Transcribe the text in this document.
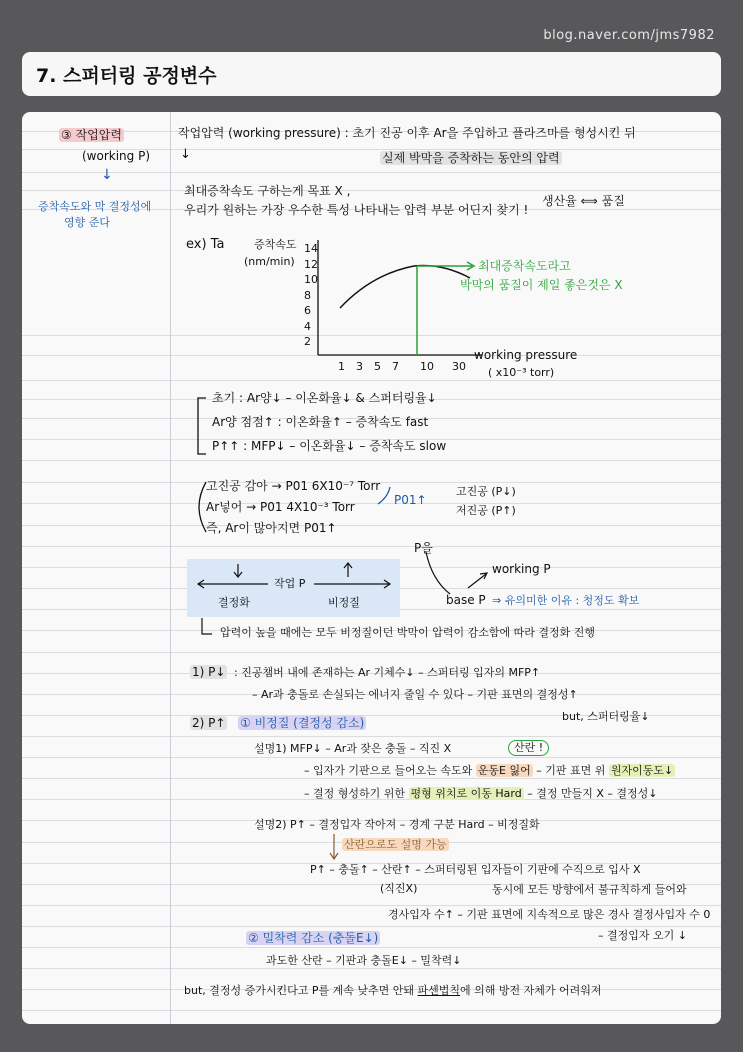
blog.naver.com/jms7982
7. 스퍼터링 공정변수
③ 작업압력
(working P)
↓
증착속도와 막 결정성에
영향 준다
작업압력 (working pressure) : 초기 진공 이후 Ar을 주입하고 플라즈마를 형성시킨 뒤
실제 박막을 증착하는 동안의 압력
↓
최대증착속도 구하는게 목표 X ,
우리가 원하는 가장 우수한 특성 나타내는 압력 부분 어딘지 찾기 !
생산율 ⟺ 품질
ex) Ta	증착속도
(nm/min)
14
12
10
8
6
4
2
1 3 5 7 10 30
최대증착속도라고
박막의 품질이 제일 좋은것은 X
working pressure
( x10⁻³ torr)
초기 : Ar양↓ – 이온화율↓ & 스퍼터링율↓
Ar양 점점↑ : 이온화율↑ – 증착속도 fast
P↑↑ : MFP↓ – 이온화율↓ – 증착속도 slow
고진공 감아 → P01 6X10⁻⁷ Torr
Ar넣어 → P01 4X10⁻³ Torr
즉, Ar이 많아지면 P01↑
P01↑
고진공 (P↓)
저진공 (P↑)
작업 P
결정화	비정질
P을
working P
base P ⇒ 유의미한 이유 : 청정도 확보
압력이 높을 때에는 모두 비정질이던 박막이 압력이 감소함에 따라 결정화 진행
1) P↓ : 진공챔버 내에 존재하는 Ar 기체수↓ – 스퍼터링 입자의 MFP↑
– Ar과 충돌로 손실되는 에너지 줄일 수 있다 – 기판 표면의 결정성↑
but, 스퍼터링율↓
2) P↑ ① 비정질 (결정성 감소)
설명1) MFP↓ – Ar과 잦은 충돌 – 직진 X	산란 !
– 입자가 기판으로 들어오는 속도와 운동E 잃어 – 기판 표면 위 원자이동도↓
– 결정 형성하기 위한 평형 위치로 이동 Hard – 결정 만들지 X – 결정성↓
설명2) P↑ – 결정입자 작아져 – 경계 구분 Hard – 비정질화
산란으로도 설명 가능
P↑ – 충돌↑ – 산란↑ – 스퍼터링된 입자들이 기판에 수직으로 입사 X
(직진X)	동시에 모든 방향에서 불규칙하게 들어와
경사입자 수↑ – 기판 표면에 지속적으로 많은 경사 결정사입자 수 0
– 결정입자 오기 ↓
② 밀착력 감소 (충돌E↓)
과도한 산란 – 기판과 충돌E↓ – 밀착력↓
but, 결정성 증가시킨다고 P를 계속 낮추면 안돼 파센법칙에 의해 방전 자체가 어려워져
